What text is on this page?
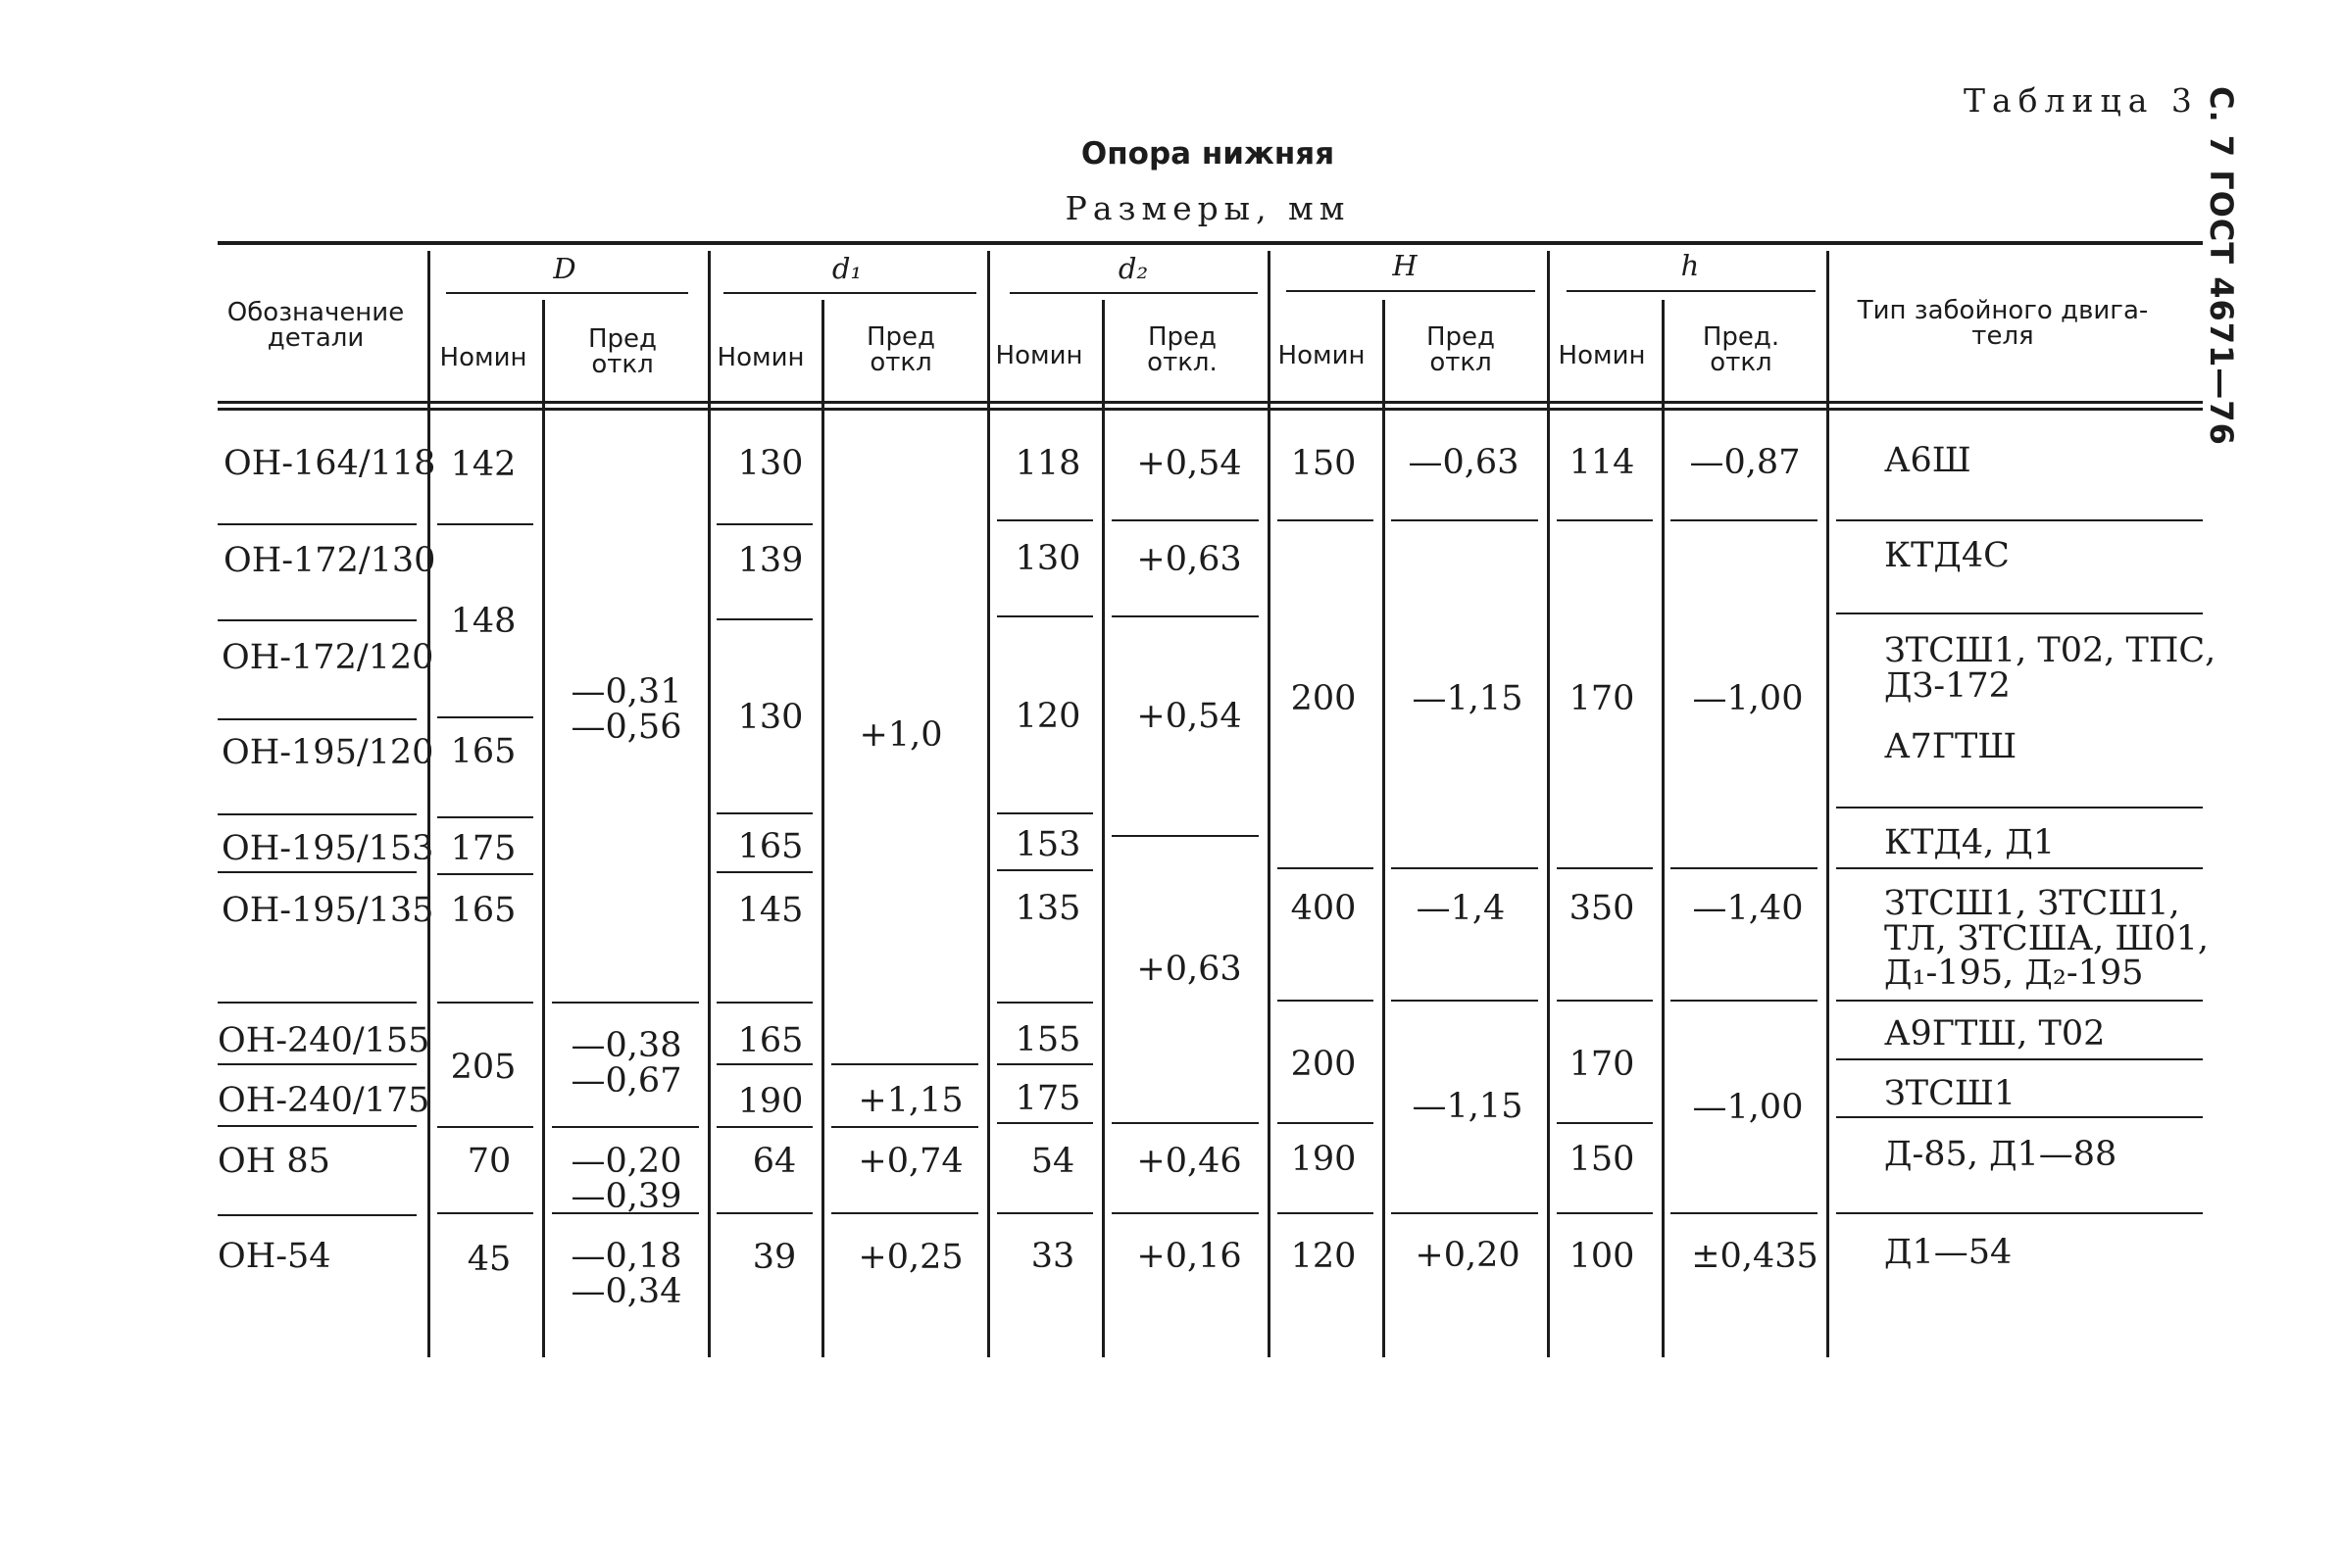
Таблица 3
Опора нижняя
Размеры, мм	С. 7 ГОСТ 4671—76
Обозначение
детали
Тип забойного двига-
теля
D
Номин
Пред
откл
d₁
Номин
Пред
откл
d₂
Номин
Пред
откл.
H
Номин
Пред
откл
h
Номин
Пред.
откл
ОН-164/118
ОН-172/130
ОН-172/120
ОН-195/120
ОН-195/153
ОН-195/135
ОН-240/155
ОН-240/175
ОН 85
ОН-54
142
148
165
175
165
205
70
45
—0,31
—0,56
—0,38
—0,67
—0,20
—0,39
—0,18
—0,34
130
139
130
165
145
165
190
64
39
+1,0
+1,15
+0,74
+0,25
118
130
120
153
135
155
175
54
33
+0,54
+0,63
+0,54
+0,63
+0,46
+0,16
150
200
400
200
190
120
—0,63
—1,15
—1,4
—1,15
+0,20
114
170
350
170
150
100
—0,87
—1,00
—1,40
—1,00
±0,435
А6Ш
КТД4С
ЗТСШ1, Т02, ТПС,
ДЗ-172
А7ГТШ
КТД4, Д1
ЗТСШ1, ЗТСШ1,
ТЛ, ЗТСША, Ш01,
Д₁-195, Д₂-195
А9ГТШ, Т02
ЗТСШ1
Д-85, Д1—88
Д1—54
